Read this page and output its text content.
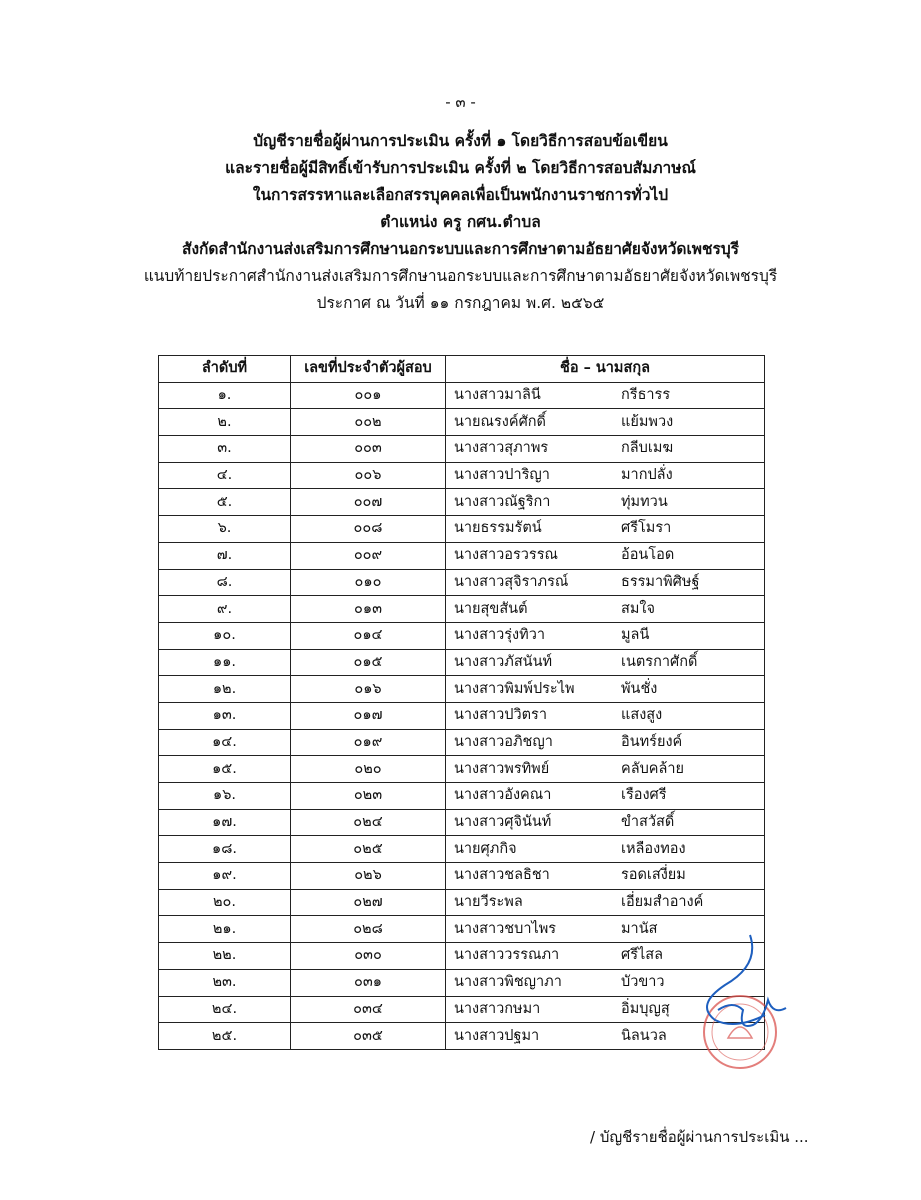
- ๓ -
บัญชีรายชื่อผู้ผ่านการประเมิน ครั้งที่ ๑ โดยวิธีการสอบข้อเขียน
และรายชื่อผู้มีสิทธิ์เข้ารับการประเมิน ครั้งที่ ๒ โดยวิธีการสอบสัมภาษณ์
ในการสรรหาและเลือกสรรบุคคลเพื่อเป็นพนักงานราชการทั่วไป
ตำแหน่ง ครู กศน.ตำบล
สังกัดสำนักงานส่งเสริมการศึกษานอกระบบและการศึกษาตามอัธยาศัยจังหวัดเพชรบุรี
แนบท้ายประกาศสำนักงานส่งเสริมการศึกษานอกระบบและการศึกษาตามอัธยาศัยจังหวัดเพชรบุรี
ประกาศ ณ วันที่ ๑๑ กรกฎาคม พ.ศ. ๒๕๖๕
ลำดับที่	เลขที่ประจำตัวผู้สอบ	ชื่อ – นามสกุล
๑.	๐๐๑	นางสาวมาลินี กรีธารร
๒.	๐๐๒	นายณรงค์ศักดิ์ แย้มพวง
๓.	๐๐๓	นางสาวสุภาพร กลีบเมฆ
๔.	๐๐๖	นางสาวปาริญา มากปลั่ง
๕.	๐๐๗	นางสาวณัฐริกา ทุ่มทวน
๖.	๐๐๘	นายธรรมรัตน์ ศรีโมรา
๗.	๐๐๙	นางสาวอรวรรณ อ้อนโอด
๘.	๐๑๐	นางสาวสุจิราภรณ์ ธรรมาพิศิษฐ์
๙.	๐๑๓	นายสุขสันต์ สมใจ
๑๐.	๐๑๔	นางสาวรุ่งทิวา มูลนี
๑๑.	๐๑๕	นางสาวภัสนันท์ เนตรกาศักดิ์
๑๒.	๐๑๖	นางสาวพิมพ์ประไพ พันชั่ง
๑๓.	๐๑๗	นางสาวปวิตรา แสงสูง
๑๔.	๐๑๙	นางสาวอภิชญา อินทร์ยงค์
๑๕.	๐๒๐	นางสาวพรทิพย์ คลับคล้าย
๑๖.	๐๒๓	นางสาวอังคณา เรืองศรี
๑๗.	๐๒๔	นางสาวศุจินันท์ ขำสวัสดิ์
๑๘.	๐๒๕	นายศุภกิจ เหลืองทอง
๑๙.	๐๒๖	นางสาวชลธิชา รอดเสงี่ยม
๒๐.	๐๒๗	นายวีระพล เอี่ยมสำอางค์
๒๑.	๐๒๘	นางสาวชบาไพร มานัส
๒๒.	๐๓๐	นางสาววรรณภา ศรีไสล
๒๓.	๐๓๑	นางสาวพิชญาภา บัวขาว
๒๔.	๐๓๔	นางสาวกษมา อิ่มบุญสุ
๒๕.	๐๓๕	นางสาวปฐมา นิลนวล
/ บัญชีรายชื่อผู้ผ่านการประเมิน ...
